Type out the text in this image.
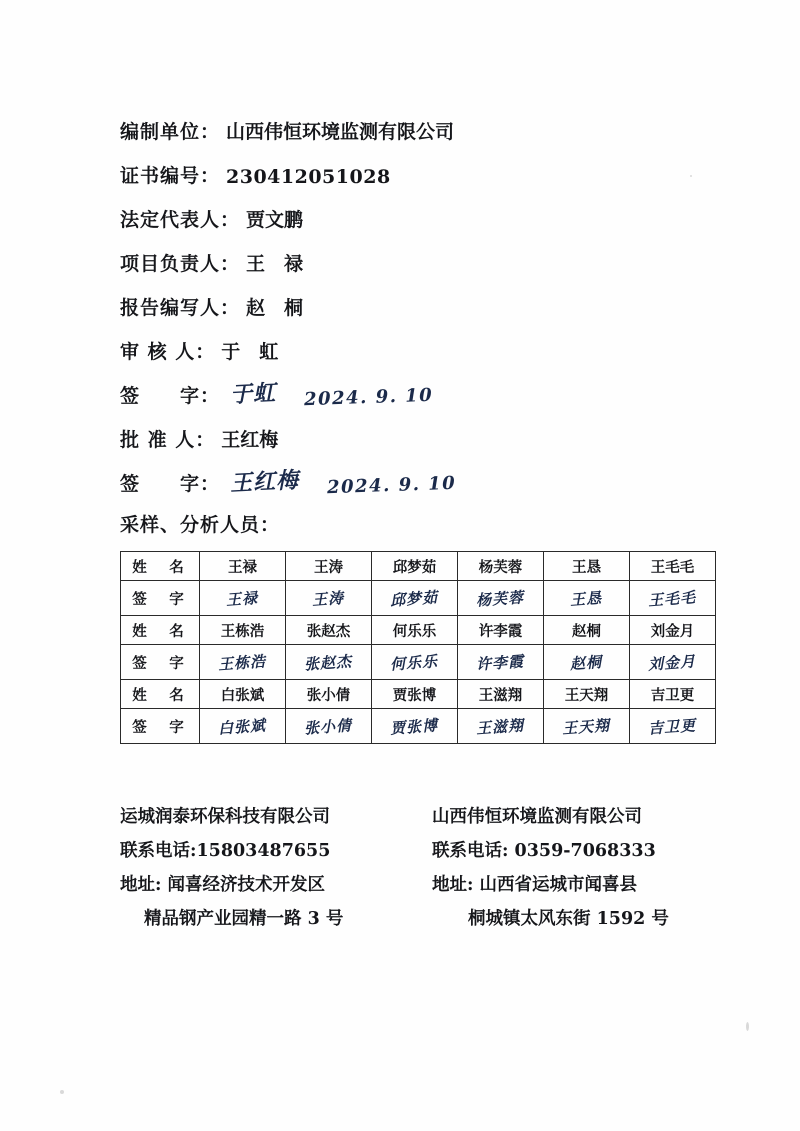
编制单位： 山西伟恒环境监测有限公司
证书编号： 230412051028
法定代表人： 贾文鹏
项目负责人： 王　禄
报告编写人： 赵　桐
审 核 人： 于　虹
签　　字： 于虹 2024. 9. 10
批 准 人： 王红梅
签　　字： 王红梅 2024. 9. 10
采样、分析人员：
姓　名	王禄	王涛	邱梦茹	杨芙蓉	王恳	王毛毛
签　字	王禄	王涛	邱梦茹	杨芙蓉	王恳	王毛毛
姓　名	王栋浩	张赵杰	何乐乐	许李霞	赵桐	刘金月
签　字	王栋浩	张赵杰	何乐乐	许李霞	赵桐	刘金月
姓　名	白张斌	张小倩	贾张博	王滋翔	王天翔	吉卫更
签　字	白张斌	张小倩	贾张博	王滋翔	王天翔	吉卫更
运城润泰环保科技有限公司
联系电话:15803487655
地址: 闻喜经济技术开发区
精品钢产业园精一路 3 号
山西伟恒环境监测有限公司
联系电话: 0359-7068333
地址: 山西省运城市闻喜县
桐城镇太风东街 1592 号
